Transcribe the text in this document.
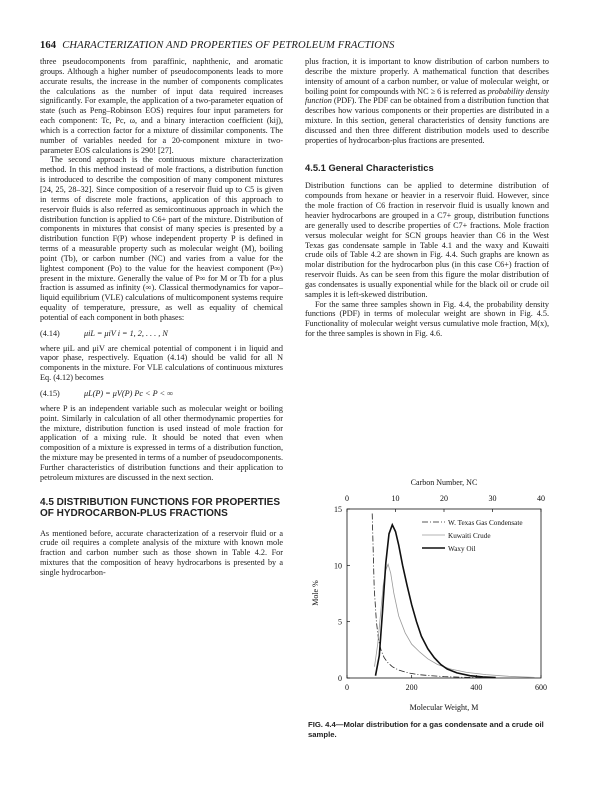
164 CHARACTERIZATION AND PROPERTIES OF PETROLEUM FRACTIONS

three pseudocomponents from paraffinic, naphthenic, and aromatic groups. Although a higher number of pseudocomponents leads to more accurate results, the increase in the number of components complicates the calculations as the number of input data required increases significantly. For example, the application of a two-parameter equation of state (such as Peng–Robinson EOS) requires four input parameters for each component: Tc, Pc, ω, and a binary interaction coefficient (kij), which is a correction factor for a mixture of dissimilar components. The number of variables needed for a 20-component mixture in two-parameter EOS calculations is 290! [27].

The second approach is the continuous mixture characterization method. In this method instead of mole fractions, a distribution function is introduced to describe the composition of many component mixtures [24, 25, 28–32]. Since composition of a reservoir fluid up to C5 is given in terms of discrete mole fractions, application of this approach to reservoir fluids is also referred as semicontinuous approach in which the distribution function is applied to C6+ part of the mixture. Distribution of components in mixtures that consist of many species is presented by a distribution function F(P) whose independent property P is defined in terms of a measurable property such as molecular weight (M), boiling point (Tb), or carbon number (NC) and varies from a value for the lightest component (Po) to the value for the heaviest component (P∞) present in the mixture. Generally the value of P∞ for M or Tb for a plus fraction is assumed as infinity (∞). Classical thermodynamics for vapor–liquid equilibrium (VLE) calculations of multicomponent systems require equality of temperature, pressure, as well as equality of chemical potential of each component in both phases:

(4.14)	μiL = μiV i = 1, 2, . . . , N

where μiL and μiV are chemical potential of component i in liquid and vapor phase, respectively. Equation (4.14) should be valid for all N components in the mixture. For VLE calculations of continuous mixtures Eq. (4.12) becomes

(4.15)	μL(P) = μV(P) Pc < P < ∞

where P is an independent variable such as molecular weight or boiling point. Similarly in calculation of all other thermodynamic properties for the mixture, distribution function is used instead of mole fraction for application of a mixing rule. It should be noted that even when composition of a mixture is expressed in terms of a distribution function, the mixture may be presented in terms of a number of pseudocomponents. Further characteristics of distribution functions and their application to petroleum mixtures are discussed in the next section.

4.5 DISTRIBUTION FUNCTIONS FOR PROPERTIES OF HYDROCARBON-PLUS FRACTIONS

As mentioned before, accurate characterization of a reservoir fluid or a crude oil requires a complete analysis of the mixture with known mole fraction and carbon number such as those shown in Table 4.2. For mixtures that the composition of heavy hydrocarbons is presented by a single hydrocarbon-

plus fraction, it is important to know distribution of carbon numbers to describe the mixture properly. A mathematical function that describes intensity of amount of a carbon number, or value of molecular weight, or boiling point for compounds with NC ≥ 6 is referred as probability density function (PDF). The PDF can be obtained from a distribution function that describes how various components or their properties are distributed in a mixture. In this section, general characteristics of density functions are discussed and then three different distribution models used to describe properties of hydrocarbon-plus fractions are presented.

4.5.1 General Characteristics

Distribution functions can be applied to determine distribution of compounds from hexane or heavier in a reservoir fluid. However, since the mole fraction of C6 fraction in reservoir fluid is usually known and heavier hydrocarbons are grouped in a C7+ group, distribution functions are generally used to describe properties of C7+ fractions. Mole fraction versus molecular weight for SCN groups heavier than C6 in the West Texas gas condensate sample in Table 4.1 and the waxy and Kuwaiti crude oils of Table 4.2 are shown in Fig. 4.4. Such graphs are known as molar distribution for the hydrocarbon plus (in this case C6+) fraction of reservoir fluids. As can be seen from this figure the molar distribution of gas condensates is usually exponential while for the black oil or crude oil samples it is left-skewed distribution.

For the same three samples shown in Fig. 4.4, the probability density functions (PDF) in terms of molecular weight are shown in Fig. 4.5. Functionality of molecular weight versus cumulative mole fraction, M(x), for the three samples is shown in Fig. 4.6.

Carbon Number, NC
Molecular Weight, M
Mole %
0	200	400	600
0
5
10
15
0	10	20	30	40
W. Texas Gas Condensate
Kuwaiti Crude
Waxy Oil
FIG. 4.4—Molar distribution for a gas condensate and a crude oil sample.
